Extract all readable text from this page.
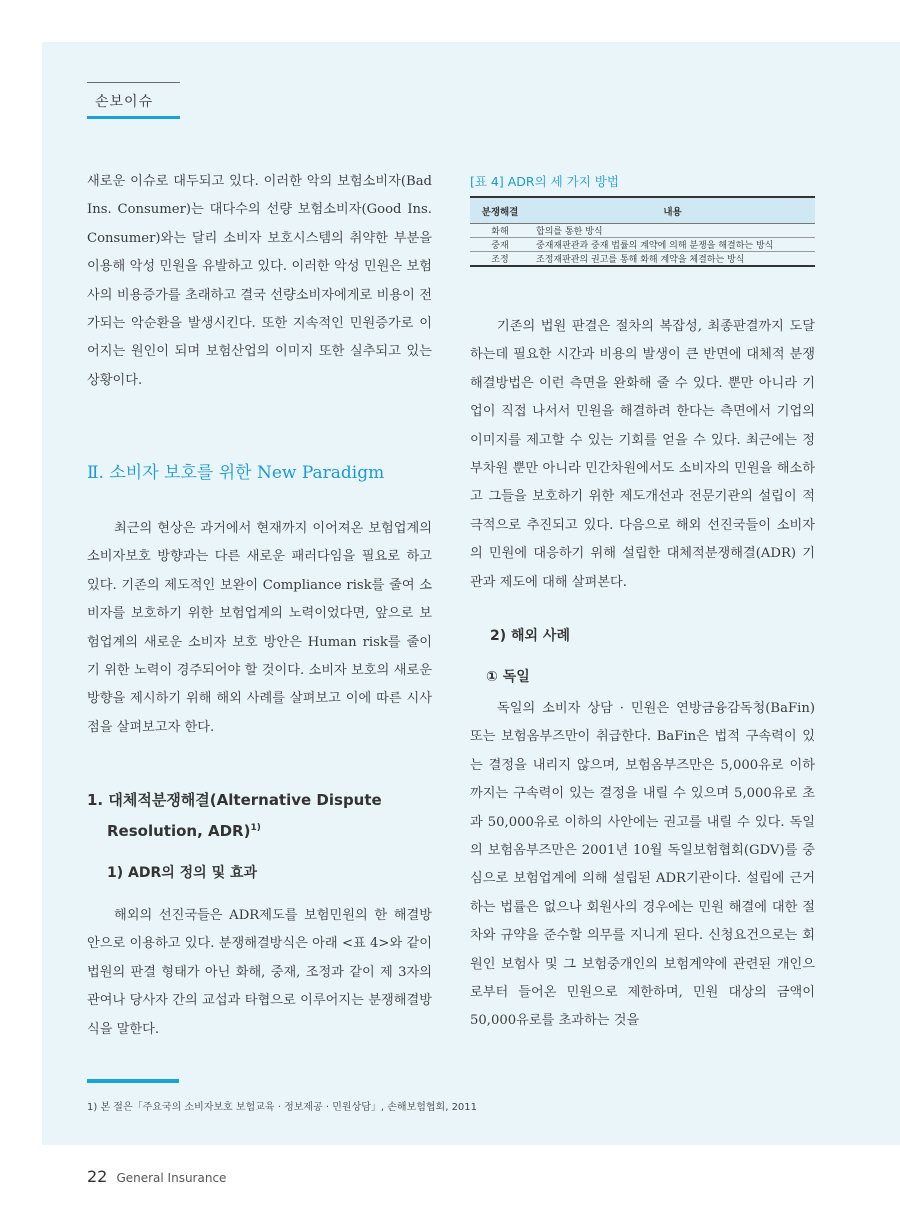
손보이슈

새로운 이슈로 대두되고 있다. 이러한 악의 보험소비자(Bad Ins. Consumer)는 대다수의 선량 보험소비자(Good Ins. Consumer)와는 달리 소비자 보호시스템의 취약한 부분을 이용해 악성 민원을 유발하고 있다. 이러한 악성 민원은 보험사의 비용증가를 초래하고 결국 선량소비자에게로 비용이 전가되는 악순환을 발생시킨다. 또한 지속적인 민원증가로 이어지는 원인이 되며 보험산업의 이미지 또한 실추되고 있는 상황이다.

Ⅱ. 소비자 보호를 위한 New Paradigm

최근의 현상은 과거에서 현재까지 이어져온 보험업계의 소비자보호 방향과는 다른 새로운 패러다임을 필요로 하고 있다. 기존의 제도적인 보완이 Compliance risk를 줄여 소비자를 보호하기 위한 보험업계의 노력이었다면, 앞으로 보험업계의 새로운 소비자 보호 방안은 Human risk를 줄이기 위한 노력이 경주되어야 할 것이다. 소비자 보호의 새로운 방향을 제시하기 위해 해외 사례를 살펴보고 이에 따른 시사점을 살펴보고자 한다.

1. 대체적분쟁해결(Alternative Dispute
Resolution, ADR)$^{1)}$
1) ADR의 정의 및 효과

해외의 선진국들은 ADR제도를 보험민원의 한 해결방안으로 이용하고 있다. 분쟁해결방식은 아래 <표 4>와 같이 법원의 판결 형태가 아닌 화해, 중재, 조정과 같이 제 3자의 관여나 당사자 간의 교섭과 타협으로 이루어지는 분쟁해결방식을 말한다.

[표 4] ADR의 세 가지 방법
분쟁해결	내용
화해	합의를 통한 방식
중재	중재재판관과 중재 법률의 계약에 의해 분쟁을 해결하는 방식
조정	조정재판관의 권고를 통해 화해 계약을 체결하는 방식

기존의 법원 판결은 절차의 복잡성, 최종판결까지 도달하는데 필요한 시간과 비용의 발생이 큰 반면에 대체적 분쟁해결방법은 이런 측면을 완화해 줄 수 있다. 뿐만 아니라 기업이 직접 나서서 민원을 해결하려 한다는 측면에서 기업의 이미지를 제고할 수 있는 기회를 얻을 수 있다. 최근에는 정부차원 뿐만 아니라 민간차원에서도 소비자의 민원을 해소하고 그들을 보호하기 위한 제도개선과 전문기관의 설립이 적극적으로 추진되고 있다. 다음으로 해외 선진국들이 소비자의 민원에 대응하기 위해 설립한 대체적분쟁해결(ADR) 기관과 제도에 대해 살펴본다.

2) 해외 사례
① 독일

독일의 소비자 상담 · 민원은 연방금융감독청(BaFin) 또는 보험옴부즈만이 취급한다. BaFin은 법적 구속력이 있는 결정을 내리지 않으며, 보험옴부즈만은 5,000유로 이하까지는 구속력이 있는 결정을 내릴 수 있으며 5,000유로 초과 50,000유로 이하의 사안에는 권고를 내릴 수 있다. 독일의 보험옴부즈만은 2001년 10월 독일보험협회(GDV)를 중심으로 보험업계에 의해 설립된 ADR기관이다. 설립에 근거하는 법률은 없으나 회원사의 경우에는 민원 해결에 대한 절차와 규약을 준수할 의무를 지니게 된다. 신청요건으로는 회원인 보험사 및 그 보험중개인의 보험계약에 관련된 개인으로부터 들어온 민원으로 제한하며, 민원 대상의 금액이 50,000유로를 초과하는 것을

1) 본 절은「주요국의 소비자보호 보험교육 · 정보제공 · 민원상담」, 손해보험협회, 2011
22 General Insurance
